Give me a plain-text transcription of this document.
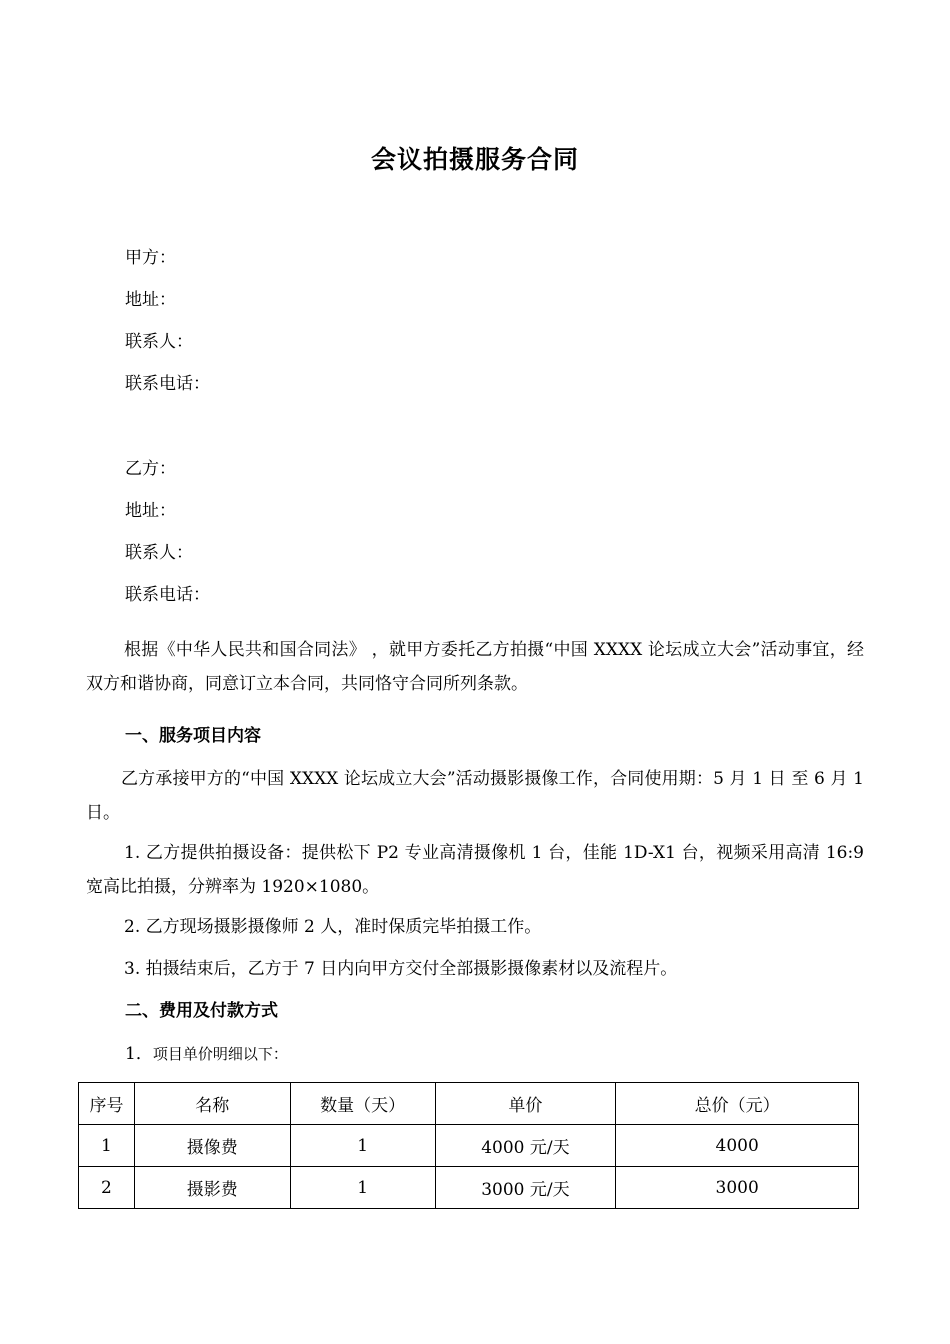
会议拍摄服务合同
甲方：
地址：
联系人：
联系电话：
乙方：
地址：
联系人：
联系电话：
根据《中华人民共和国合同法》 ，就甲方委托乙方拍摄“中国 XXXX 论坛成立大会”活动事宜，经双方和谐协商，同意订立本合同，共同恪守合同所列条款。
一、服务项目内容
乙方承接甲方的“中国 XXXX 论坛成立大会”活动摄影摄像工作，合同使用期：5 月 1 日 至 6 月 1 日。
1. 乙方提供拍摄设备：提供松下 P2 专业高清摄像机 1 台，佳能 1D-X1 台，视频采用高清 16:9 宽高比拍摄，分辨率为 1920×1080。
2. 乙方现场摄影摄像师 2 人，准时保质完毕拍摄工作。
3. 拍摄结束后，乙方于 7 日内向甲方交付全部摄影摄像素材以及流程片。
二、费用及付款方式
1．项目单价明细以下：
序号	名称	数量（天）	单价	总价（元）
1	摄像费	1	4000 元/天	4000
2	摄影费	1	3000 元/天	3000
